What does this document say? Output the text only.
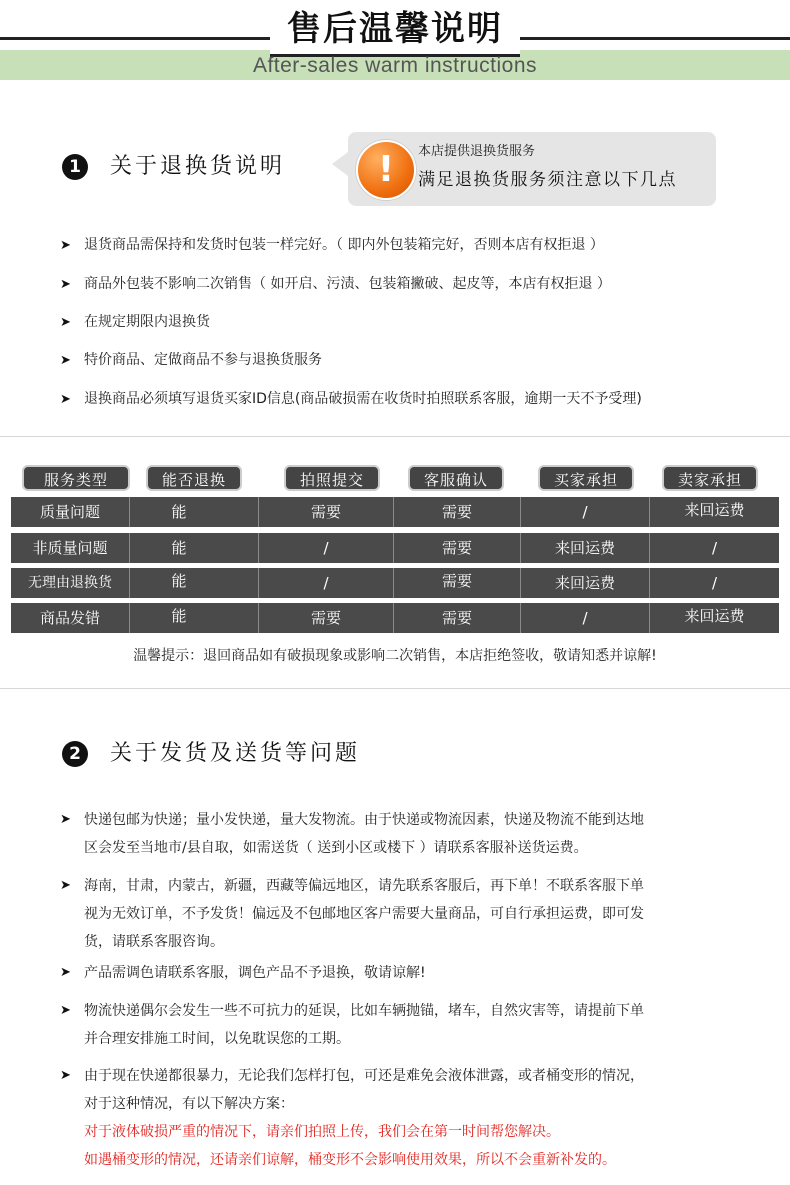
售后温馨说明
After-sales warm instructions
1	关于退换货说明	!	本店提供退换货服务
满足退换货服务须注意以下几点
➤ 退货商品需保持和发货时包装一样完好。（ 即内外包装箱完好，否则本店有权拒退 ）
➤ 商品外包装不影响二次销售（ 如开启、污渍、包装箱撇破、起皮等，本店有权拒退 ）
➤ 在规定期限内退换货
➤ 特价商品、定做商品不参与退换货服务
➤ 退换商品必须填写退货买家ID信息(商品破损需在收货时拍照联系客服，逾期一天不予受理)
服务类型	能否退换	拍照提交	客服确认	买家承担	卖家承担
质量问题	能	需要	需要	/	来回运费
非质量问题	能	/	需要	来回运费	/
无理由退换货	能	/	需要	来回运费	/
商品发错	能	需要	需要	/	来回运费
温馨提示：退回商品如有破损现象或影响二次销售，本店拒绝签收，敬请知悉并谅解!
2	关于发货及送货等问题
➤ 快递包邮为快递；量小发快递，量大发物流。由于快递或物流因素，快递及物流不能到达地
区会发至当地市/县自取，如需送货（ 送到小区或楼下 ）请联系客服补送货运费。
➤ 海南，甘肃，内蒙古，新疆，西藏等偏远地区，请先联系客服后，再下单！不联系客服下单
视为无效订单，不予发货！偏远及不包邮地区客户需要大量商品，可自行承担运费，即可发
货，请联系客服咨询。
➤ 产品需调色请联系客服，调色产品不予退换，敬请谅解!
➤ 物流快递偶尔会发生一些不可抗力的延误，比如车辆抛锚，堵车，自然灾害等，请提前下单
并合理安排施工时间，以免耽误您的工期。
➤ 由于现在快递都很暴力，无论我们怎样打包，可还是难免会液体泄露，或者桶变形的情况，
对于这种情况，有以下解决方案：
对于液体破损严重的情况下，请亲们拍照上传，我们会在第一时间帮您解决。
如遇桶变形的情况，还请亲们谅解，桶变形不会影响使用效果，所以不会重新补发的。
